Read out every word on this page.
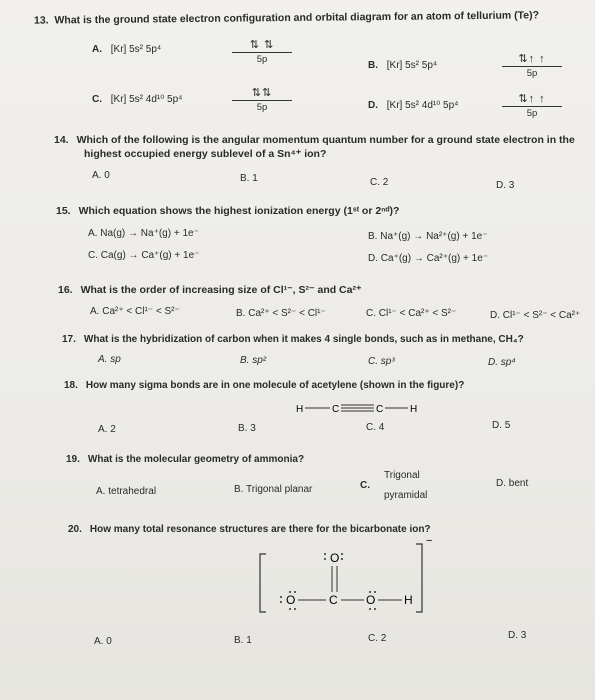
13. What is the ground state electron configuration and orbital diagram for an atom of tellurium (Te)?
A. [Kr] 5s² 5p⁴	⇅ ⇅
5p
B. [Kr] 5s² 5p⁴
⇅↑ ↑
5p
C. [Kr] 5s² 4d¹⁰ 5p⁴
⇅⇅
5p	D. [Kr] 5s² 4d¹⁰ 5p⁴
⇅↑ ↑
5p
14. Which of the following is the angular momentum quantum number for a ground state electron in the
highest occupied energy sublevel of a Sn⁴⁺ ion?
A. 0	B. 1	C. 2	D. 3
15. Which equation shows the highest ionization energy (1ˢᵗ or 2ⁿᵈ)?
A. Na(g) → Na⁺(g) + 1e⁻	B. Na⁺(g) → Na²⁺(g) + 1e⁻
C. Ca(g) → Ca⁺(g) + 1e⁻	D. Ca⁺(g) → Ca²⁺(g) + 1e⁻
16. What is the order of increasing size of Cl¹⁻, S²⁻ and Ca²⁺
A. Ca²⁺ < Cl¹⁻ < S²⁻	B. Ca²⁺ < S²⁻ < Cl¹⁻	C. Cl¹⁻ < Ca²⁺ < S²⁻	D. Cl¹⁻ < S²⁻ < Ca²⁺
17. What is the hybridization of carbon when it makes 4 single bonds, such as in methane, CH₄?
A. sp	B. sp²	C. sp³	D. sp⁴
18. How many sigma bonds are in one molecule of acetylene (shown in the figure)?
H	C	C	H
A. 2	B. 3	C. 4	D. 5
19. What is the molecular geometry of ammonia?
A. tetrahedral	B. Trigonal planar	C.
Trigonal
pyramidal
D. bent
20. How many total resonance structures are there for the bicarbonate ion?
−
O
O	C O H
A. 0	B. 1	C. 2	D. 3
